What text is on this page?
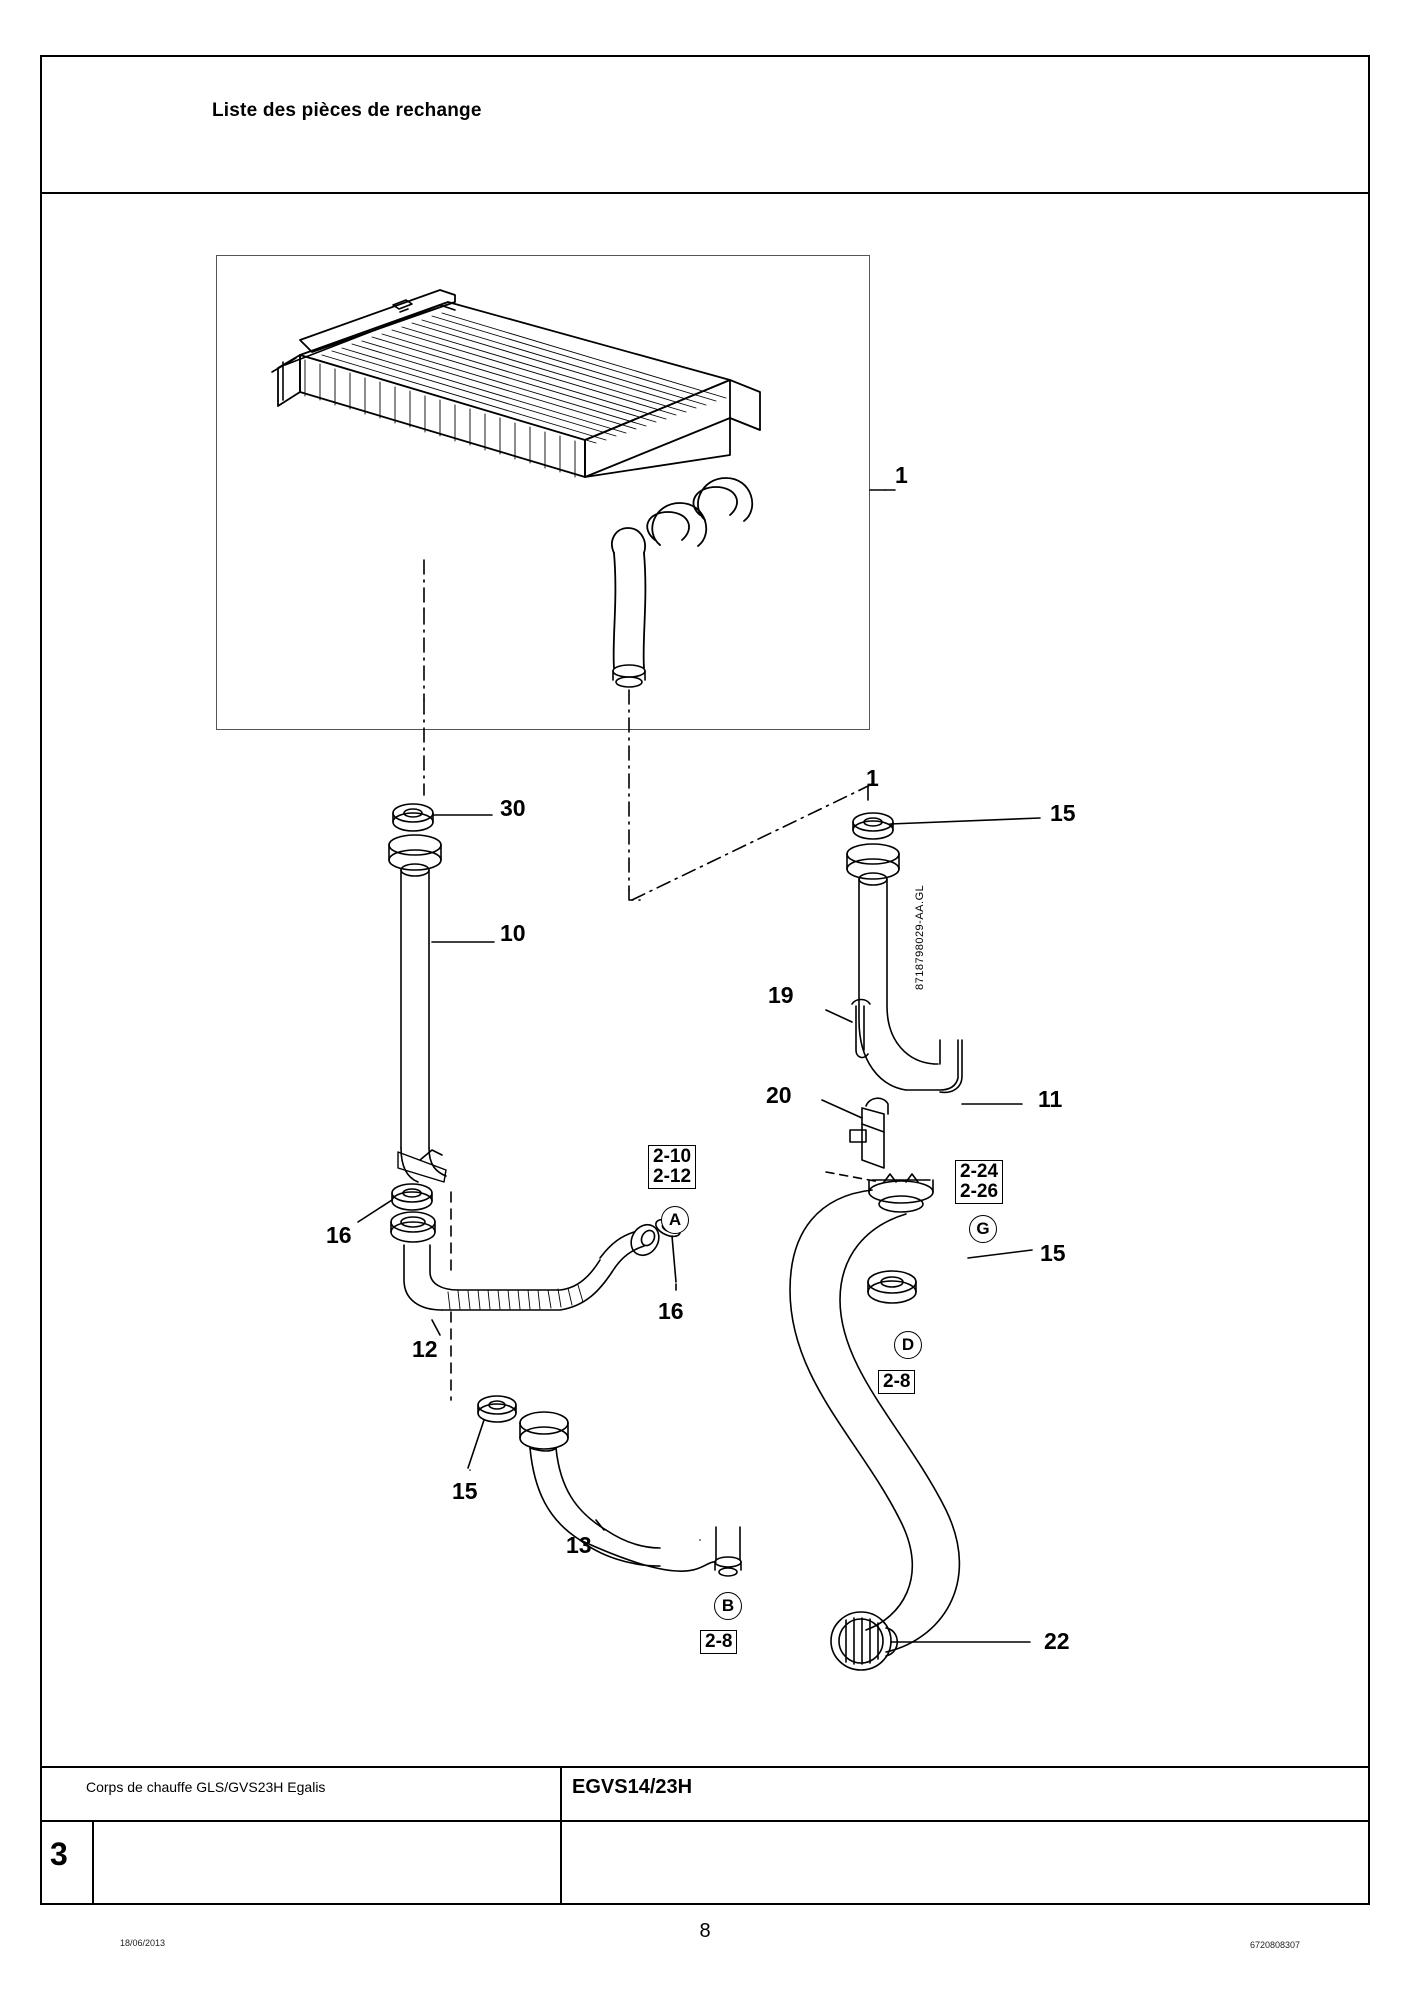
Liste des pièces de rechange
1
30
10
1
15
19
20	11
16
16
12
15
15
13
22
2-10
2-12	2-24
2-26
2-8
2-8
A	G
D
B
8718798029-AA.GL
Corps de chauffe GLS/GVS23H Egalis	EGVS14/23H
3
18/06/2013
8
6720808307
